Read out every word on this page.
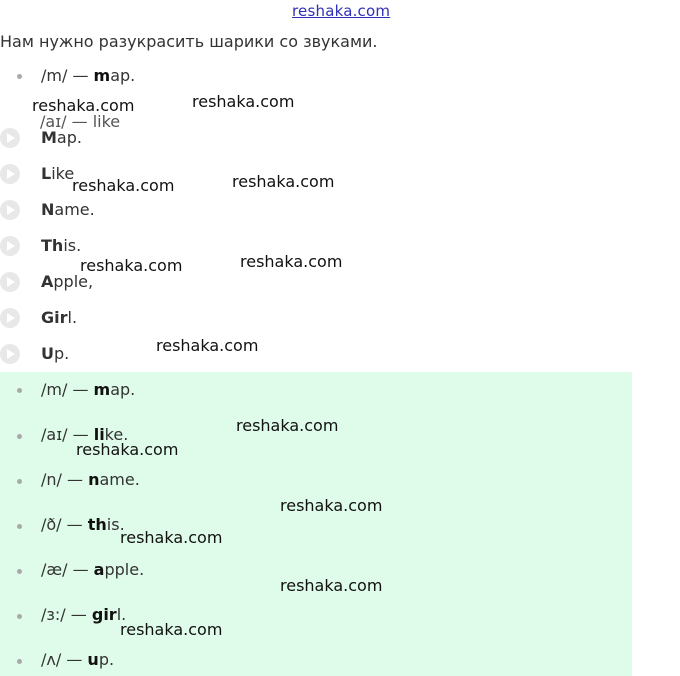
reshaka.com
Нам нужно разукрасить шарики со звуками.
/m/ — map.
/aɪ/ — like
Map.
Like
Name.
This.
Apple,
Girl.
Up.
/m/ — map.
/aɪ/ — like.
/n/ — name.
/ð/ — this.
/æ/ — apple.
/ɜ:/ — girl.
/ʌ/ — up.
reshaka.com	reshaka.com
reshaka.com	reshaka.com
reshaka.com	reshaka.com
reshaka.com
reshaka.com
reshaka.com
reshaka.com
reshaka.com
reshaka.com
reshaka.com
